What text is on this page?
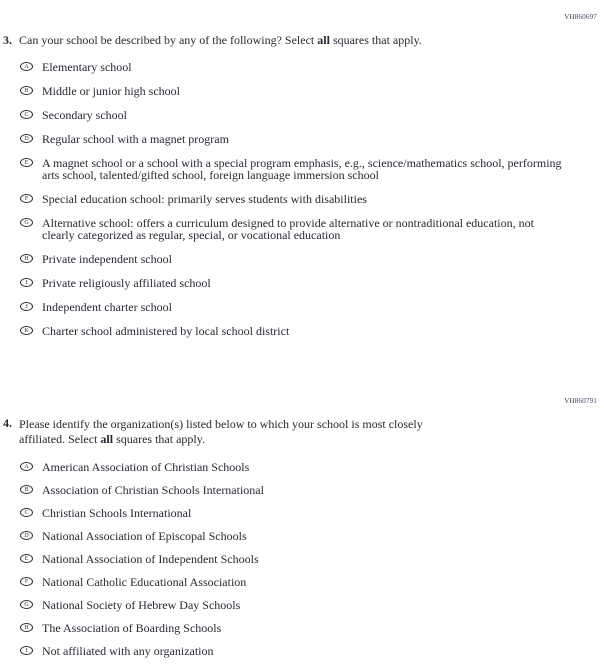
VH860697
3. Can your school be described by any of the following? Select all squares that apply.
A	Elementary school
B	Middle or junior high school
C	Secondary school
D	Regular school with a magnet program
E	A magnet school or a school with a special program emphasis, e.g., science/mathematics school, performing arts school, talented/gifted school, foreign language immersion school
F	Special education school: primarily serves students with disabilities
G	Alternative school: offers a curriculum designed to provide alternative or nontraditional education, not clearly categorized as regular, special, or vocational education
H	Private independent school
I	Private religiously affiliated school
J	Independent charter school
K	Charter school administered by local school district
VH860791
4. Please identify the organization(s) listed below to which your school is most closely affiliated. Select all squares that apply.
A	American Association of Christian Schools
B	Association of Christian Schools International
C	Christian Schools International
D	National Association of Episcopal Schools
E	National Association of Independent Schools
F	National Catholic Educational Association
G	National Society of Hebrew Day Schools
H	The Association of Boarding Schools
I	Not affiliated with any organization
